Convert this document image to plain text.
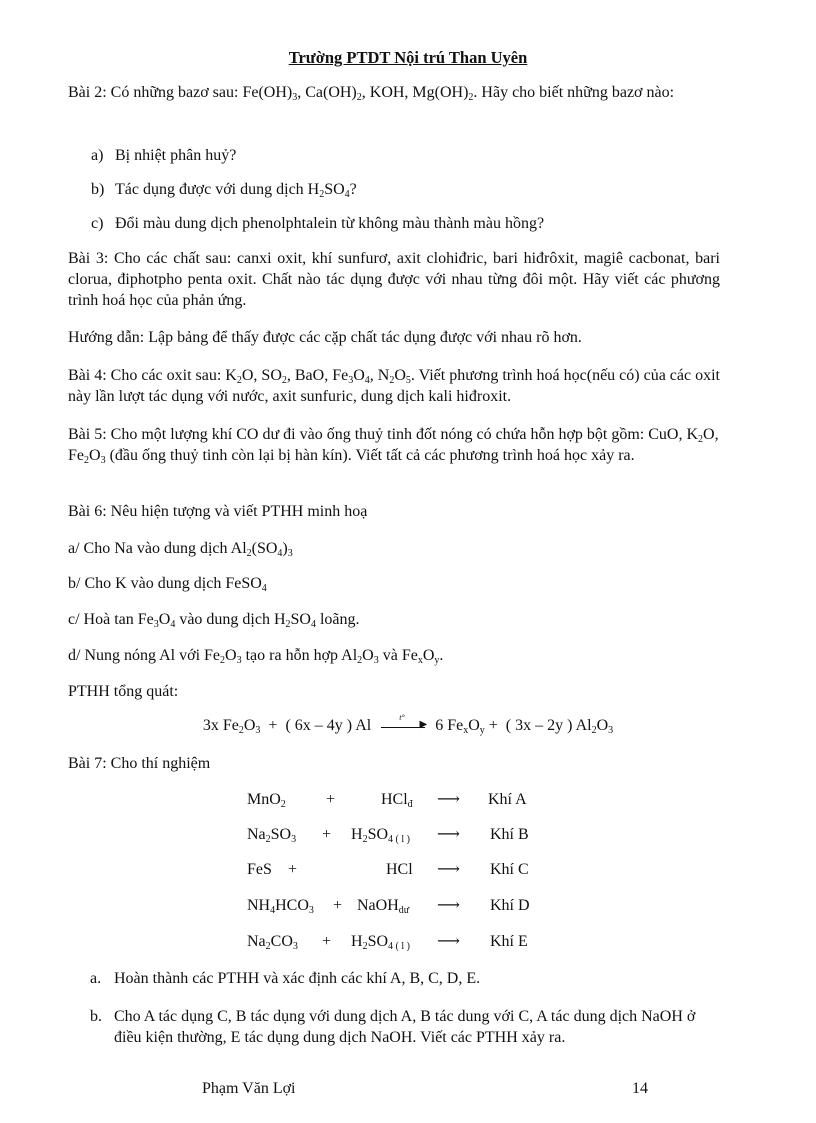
Trường PTDT Nội trú Than Uyên
Bài 2: Có những bazơ sau: $Fe(OH)_3$, $Ca(OH)_2$, KOH, $Mg(OH)_2$. Hãy cho biết những bazơ nào:
a) Bị nhiệt phân huỷ?
b) Tác dụng được với dung dịch $H_2SO_4$?
c) Đổi màu dung dịch phenolphtalein từ không màu thành màu hồng?
Bài 3: Cho các chất sau: canxi oxit, khí sunfurơ, axit clohiđric, bari hiđrôxit, magiê cacbonat, bari clorua, điphotpho penta oxit. Chất nào tác dụng được với nhau từng đôi một. Hãy viết các phương trình hoá học của phản ứng.
Hướng dẫn: Lập bảng để thấy được các cặp chất tác dụng được với nhau rõ hơn.
Bài 4: Cho các oxit sau: $K_2O$, $SO_2$, BaO, $Fe_3O_4$, $N_2O_5$. Viết phương trình hoá học(nếu có) của các oxit này lần lượt tác dụng với nước, axit sunfuric, dung dịch kali hiđroxit.
Bài 5: Cho một lượng khí CO dư đi vào ống thuỷ tinh đốt nóng có chứa hỗn hợp bột gồm: CuO, $K_2O$, $Fe_2O_3$ (đầu ống thuỷ tinh còn lại bị hàn kín). Viết tất cả các phương trình hoá học xảy ra.
Bài 6: Nêu hiện tượng và viết PTHH minh hoạ
a/ Cho Na vào dung dịch $Al_2(SO_4)_3$
b/ Cho K vào dung dịch FeSO$_4$
c/ Hoà $\tan Fe_3O_4$ vào dung dịch $H_2SO_4$ loãng.
d/ Nung nóng Al với $Fe_2O_3$ tạo ra hỗn hợp $Al_2O_3$ và $Fe_xO_y$.
PTHH tổng quát:
3x $Fe_2O_3$  +  ( 6x – 4y ) Al	t°
▶ 6 $Fe_xO_y$ +  ( 3x – 2y ) $Al_2O_3$
Bài 7: Cho thí nghiệm
MnO$_2$	+	HCl$_đ$ ⟶ Khí A
$Na_2SO_3 + H_2SO_{4 ( l )}$ ⟶ Khí B
FeS +	HCl ⟶ Khí C
$NH_4HCO_3$ + NaOH$_{dư}$ ⟶ Khí D
$Na_2CO_3 + H_2SO_{4 ( l )}$ ⟶ Khí E
a. Hoàn thành các PTHH và xác định các khí A, B, C, D, E.
b. Cho A tác dụng C, B tác dụng với dung dịch A, B tác dung với C, A tác dung dịch NaOH ở điều kiện thường, E tác dụng dung dịch NaOH. Viết các PTHH xảy ra.
Phạm Văn Lợi	14
